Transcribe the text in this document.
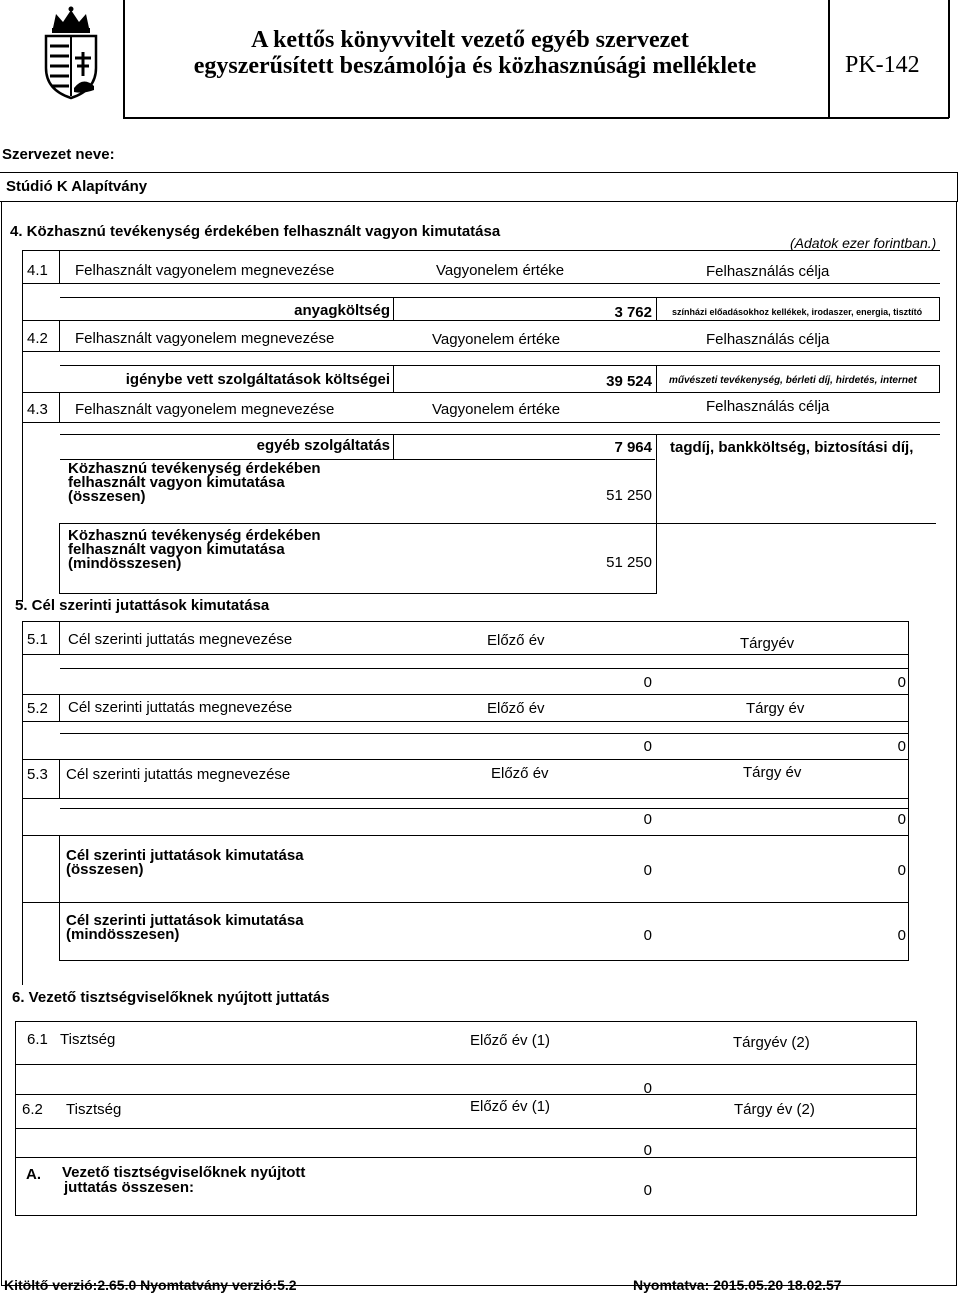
A kettős könyvvitelt vezető egyéb szervezet
egyszerűsített beszámolója és közhasznúsági melléklete	PK-142
Szervezet neve:
Stúdió K Alapítvány
4. Közhasznú tevékenység érdekében felhasznált vagyon kimutatása
(Adatok ezer forintban.)
4.1 Felhasznált vagyonelem megnevezése	Vagyonelem értéke	Felhasználás célja
anyagköltség	3 762 színházi előadásokhoz kellékek, irodaszer, energia, tisztító
4.2 Felhasznált vagyonelem megnevezése	Vagyonelem értéke	Felhasználás célja
igénybe vett szolgáltatások költségei	39 524 művészeti tevékenység, bérleti díj, hirdetés, internet
4.3 Felhasznált vagyonelem megnevezése	Vagyonelem értéke	Felhasználás célja
egyéb szolgáltatás	7 964 tagdíj, bankköltség, biztosítási díj,
Közhasznú tevékenység érdekében
felhasznált vagyon kimutatása
(összesen)	51 250
Közhasznú tevékenység érdekében
felhasznált vagyon kimutatása
(mindösszesen)	51 250
5. Cél szerinti jutattások kimutatása
5.1 Cél szerinti juttatás megnevezése	Előző év	Tárgyév
0	0
5.2 Cél szerinti juttatás megnevezése	Előző év	Tárgy év
0	0
5.3 Cél szerinti jutattás megnevezése	Előző év	Tárgy év
0	0
Cél szerinti juttatások kimutatása
(összesen)	0	0
Cél szerinti juttatások kimutatása
(mindösszesen)	0	0
6. Vezető tisztségviselőknek nyújtott juttatás
6.1 Tisztség	Előző év (1)	Tárgyév (2)
0
6.2 Tisztség	Előző év (1)	Tárgy év (2)
0
A. Vezető tisztségviselőknek nyújtott
juttatás összesen:	0
Kitöltő verzió:2.65.0 Nyomtatvány verzió:5.2	Nyomtatva: 2015.05.20 18.02.57
